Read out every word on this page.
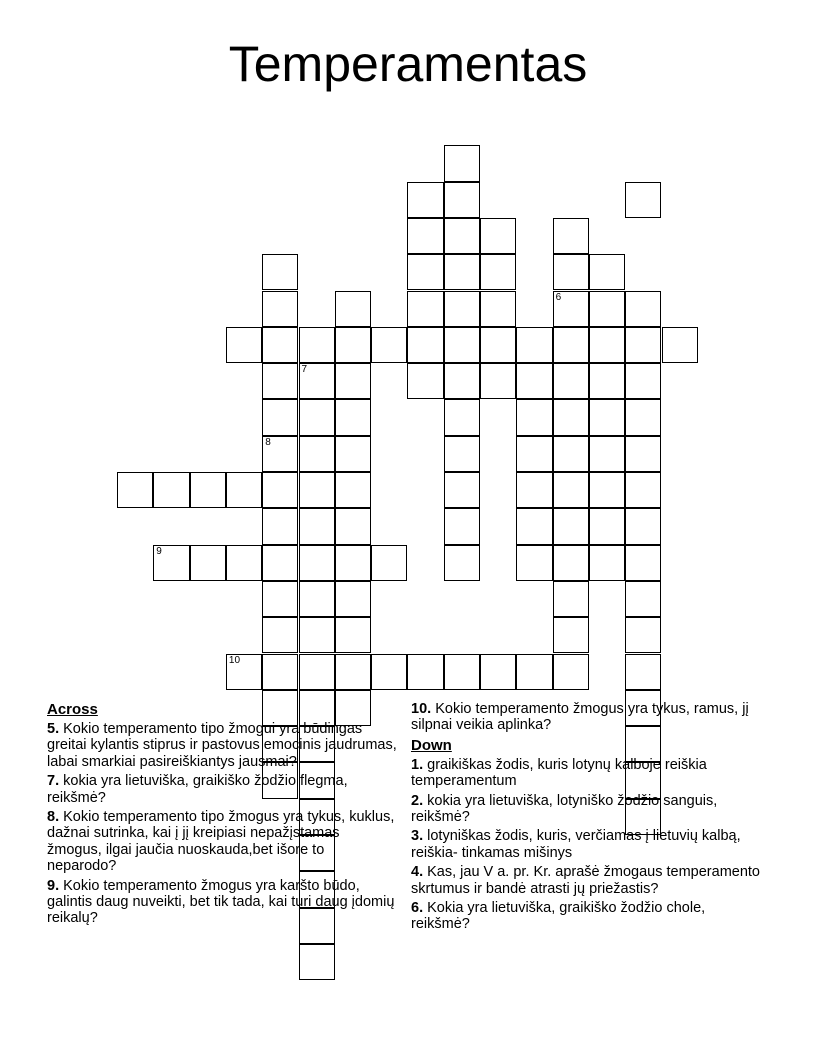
Temperamentas
9
10
8
7
6
Across
5. Kokio temperamento tipo žmogui yra būdingas greitai kylantis stiprus ir pastovus emocinis jaudrumas, labai smarkiai pasireiškiantys jausmai?
7. kokia yra lietuviška, graikiško žodžio flegma, reikšmė?
8. Kokio temperamento tipo žmogus yra tykus, kuklus, dažnai sutrinka, kai į jį kreipiasi nepažįstamas žmogus, ilgai jaučia nuoskauda,bet išore to neparodo?
9. Kokio temperamento žmogus yra karšto būdo, galintis daug nuveikti, bet tik tada, kai turi daug įdomių reikalų?
10. Kokio temperamento žmogus yra tykus, ramus, jį silpnai veikia aplinka?
Down
1. graikiškas žodis, kuris lotynų kalboje reiškia temperamentum
2. kokia yra lietuviška, lotyniško žodžio sanguis, reikšmė?
3. lotyniškas žodis, kuris, verčiamas į lietuvių kalbą, reiškia- tinkamas mišinys
4. Kas, jau V a. pr. Kr. aprašė žmogaus temperamento skrtumus ir bandė atrasti jų priežastis?
6. Kokia yra lietuviška, graikiško žodžio chole, reikšmė?
